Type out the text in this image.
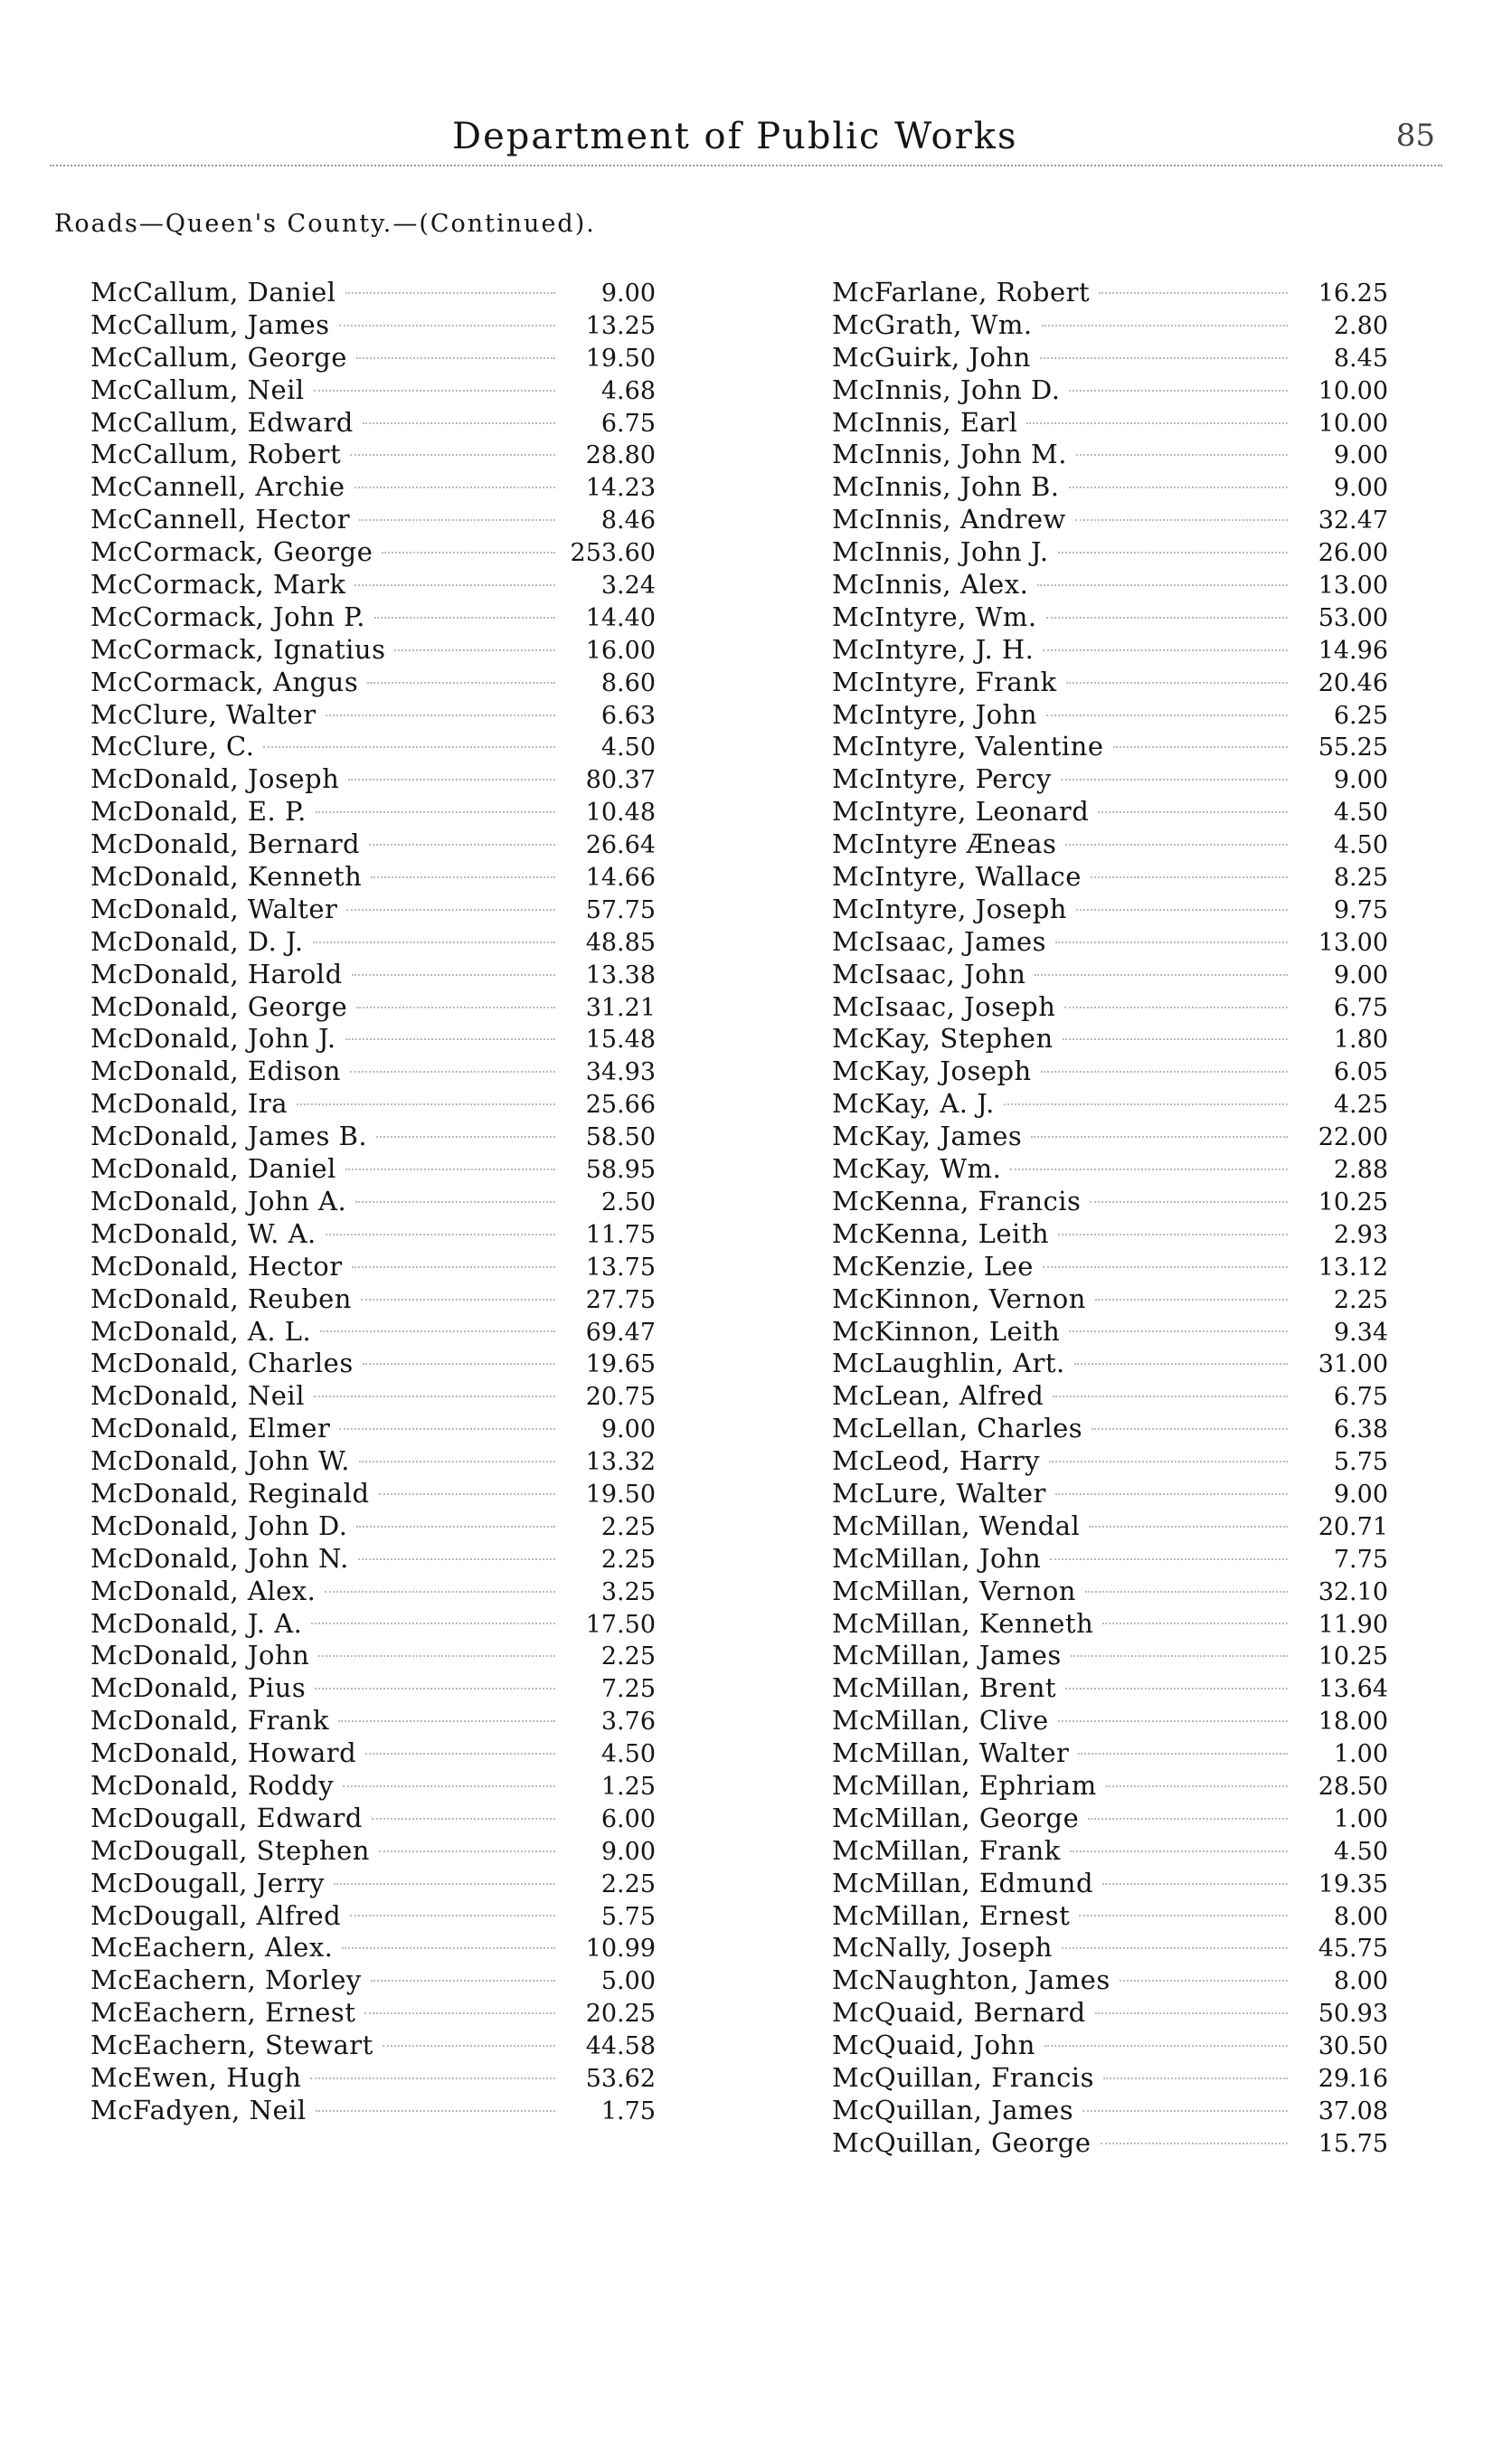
Department of Public Works	85
Roads—Queen's County.—(Continued).
McCallum, Daniel	9.00
McCallum, James	13.25
McCallum, George	19.50
McCallum, Neil	4.68
McCallum, Edward	6.75
McCallum, Robert	28.80
McCannell, Archie	14.23
McCannell, Hector	8.46
McCormack, George	253.60
McCormack, Mark	3.24
McCormack, John P.	14.40
McCormack, Ignatius	16.00
McCormack, Angus	8.60
McClure, Walter	6.63
McClure, C.	4.50
McDonald, Joseph	80.37
McDonald, E. P.	10.48
McDonald, Bernard	26.64
McDonald, Kenneth	14.66
McDonald, Walter	57.75
McDonald, D. J.	48.85
McDonald, Harold	13.38
McDonald, George	31.21
McDonald, John J.	15.48
McDonald, Edison	34.93
McDonald, Ira	25.66
McDonald, James B.	58.50
McDonald, Daniel	58.95
McDonald, John A.	2.50
McDonald, W. A.	11.75
McDonald, Hector	13.75
McDonald, Reuben	27.75
McDonald, A. L.	69.47
McDonald, Charles	19.65
McDonald, Neil	20.75
McDonald, Elmer	9.00
McDonald, John W.	13.32
McDonald, Reginald	19.50
McDonald, John D.	2.25
McDonald, John N.	2.25
McDonald, Alex.	3.25
McDonald, J. A.	17.50
McDonald, John	2.25
McDonald, Pius	7.25
McDonald, Frank	3.76
McDonald, Howard	4.50
McDonald, Roddy	1.25
McDougall, Edward	6.00
McDougall, Stephen	9.00
McDougall, Jerry	2.25
McDougall, Alfred	5.75
McEachern, Alex.	10.99
McEachern, Morley	5.00
McEachern, Ernest	20.25
McEachern, Stewart	44.58
McEwen, Hugh	53.62
McFadyen, Neil	1.75
McFarlane, Robert	16.25
McGrath, Wm.	2.80
McGuirk, John	8.45
McInnis, John D.	10.00
McInnis, Earl	10.00
McInnis, John M.	9.00
McInnis, John B.	9.00
McInnis, Andrew	32.47
McInnis, John J.	26.00
McInnis, Alex.	13.00
McIntyre, Wm.	53.00
McIntyre, J. H.	14.96
McIntyre, Frank	20.46
McIntyre, John	6.25
McIntyre, Valentine	55.25
McIntyre, Percy	9.00
McIntyre, Leonard	4.50
McIntyre Æneas	4.50
McIntyre, Wallace	8.25
McIntyre, Joseph	9.75
McIsaac, James	13.00
McIsaac, John	9.00
McIsaac, Joseph	6.75
McKay, Stephen	1.80
McKay, Joseph	6.05
McKay, A. J.	4.25
McKay, James	22.00
McKay, Wm.	2.88
McKenna, Francis	10.25
McKenna, Leith	2.93
McKenzie, Lee	13.12
McKinnon, Vernon	2.25
McKinnon, Leith	9.34
McLaughlin, Art.	31.00
McLean, Alfred	6.75
McLellan, Charles	6.38
McLeod, Harry	5.75
McLure, Walter	9.00
McMillan, Wendal	20.71
McMillan, John	7.75
McMillan, Vernon	32.10
McMillan, Kenneth	11.90
McMillan, James	10.25
McMillan, Brent	13.64
McMillan, Clive	18.00
McMillan, Walter	1.00
McMillan, Ephriam	28.50
McMillan, George	1.00
McMillan, Frank	4.50
McMillan, Edmund	19.35
McMillan, Ernest	8.00
McNally, Joseph	45.75
McNaughton, James	8.00
McQuaid, Bernard	50.93
McQuaid, John	30.50
McQuillan, Francis	29.16
McQuillan, James	37.08
McQuillan, George	15.75
